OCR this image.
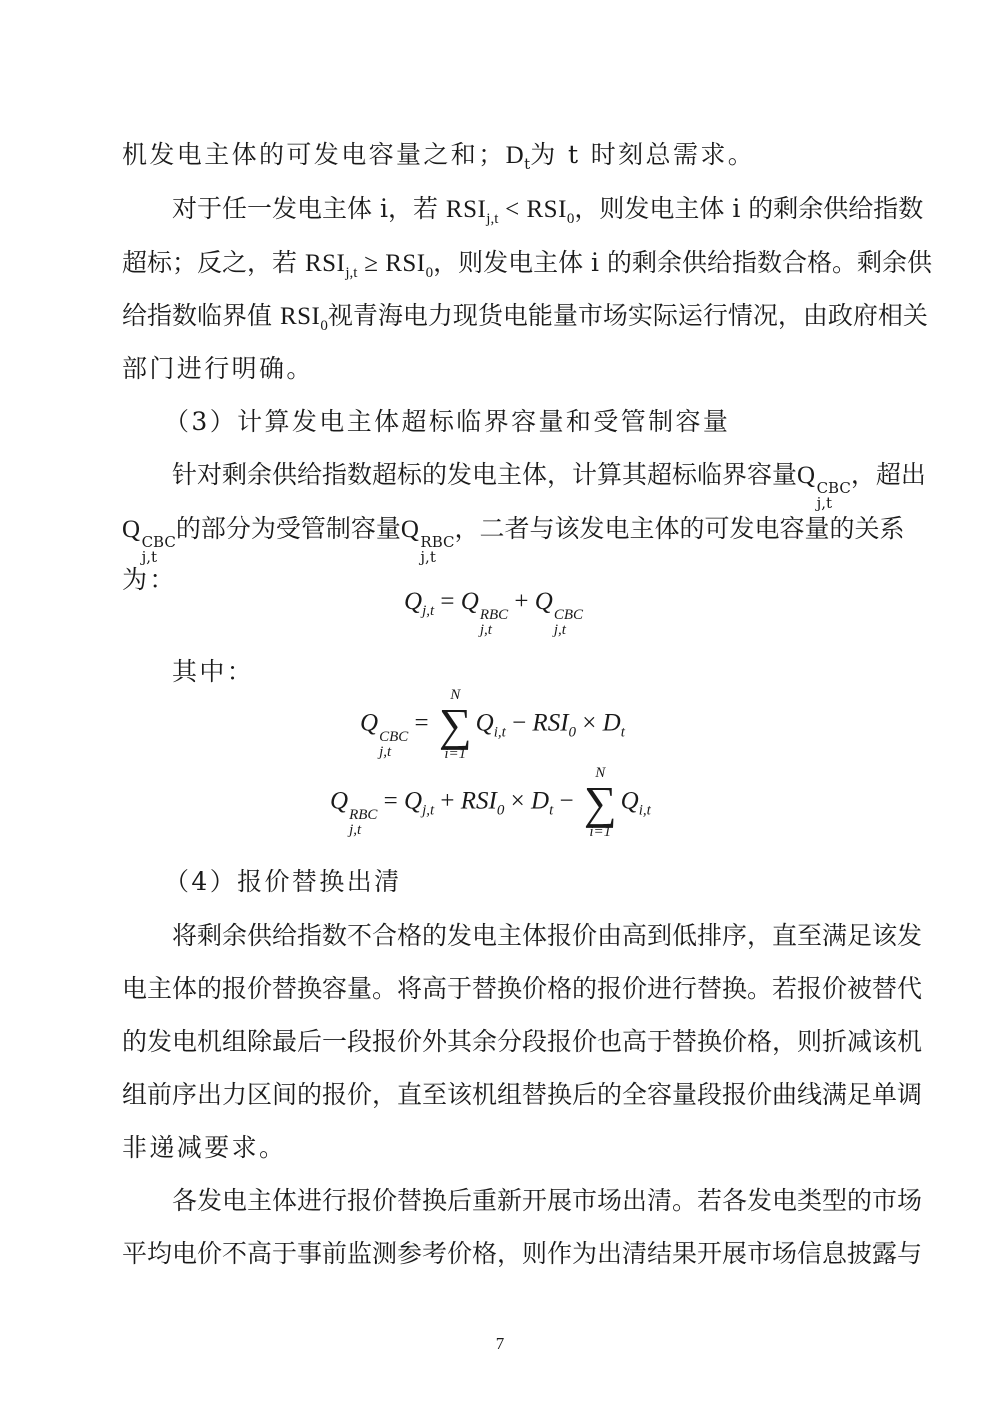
机发电主体的可发电容量之和；$D_t$为 t 时刻总需求。
对于任一发电主体 i，若 $RSI_{j,t} < RSI_0$，则发电主体 i 的剩余供给指数
超标；反之，若 $RSI_{j,t} \ge RSI_0$，则发电主体 i 的剩余供给指数合格。剩余供
给指数临界值 $RSI_0$视青海电力现货电能量市场实际运行情况，由政府相关
部门进行明确。
（3）计算发电主体超标临界容量和受管制容量
针对剩余供给指数超标的发电主体，计算其超标临界容量Q CBC
j,t
，超出
Q CBC
j,t
的部分为受管制容量Q RBC
j,t
，二者与该发电主体的可发电容量的关系
为：
$Q_{j,t} = Q$ RBC
j,t
+ Q CBC
j,t
其中：
Q CBC
j,t
=
N
∑
i=1
$Q_{i,t} - RSI_0 \times D_t$
Q RBC
j,t
= $Q_{j,t} + RSI_0 \times D_t$ −
N
∑
i=1
$Q_{i,t}$
（4）报价替换出清
将剩余供给指数不合格的发电主体报价由高到低排序，直至满足该发
电主体的报价替换容量。将高于替换价格的报价进行替换。若报价被替代
的发电机组除最后一段报价外其余分段报价也高于替换价格，则折减该机
组前序出力区间的报价，直至该机组替换后的全容量段报价曲线满足单调
非递减要求。
各发电主体进行报价替换后重新开展市场出清。若各发电类型的市场
平均电价不高于事前监测参考价格，则作为出清结果开展市场信息披露与
7
